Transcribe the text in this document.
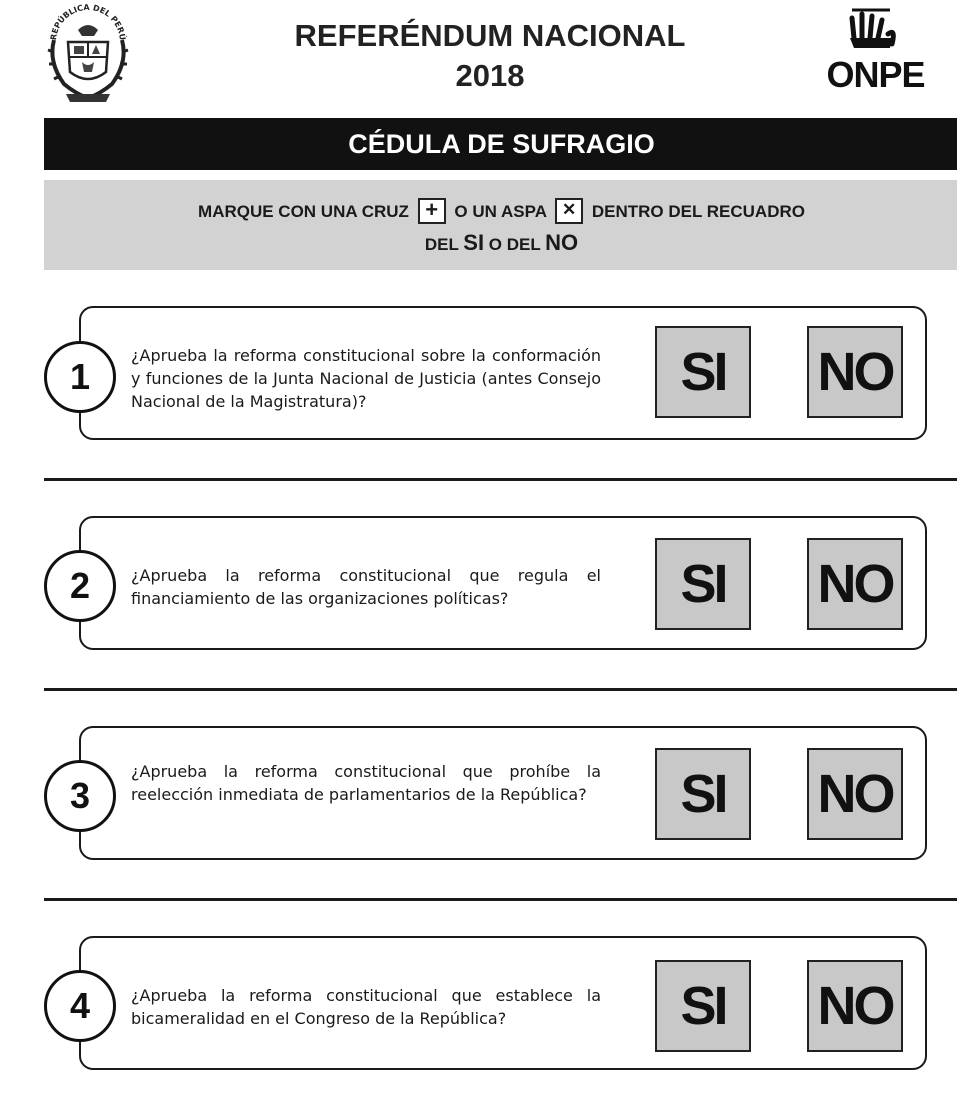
REPÚBLICA DEL PERÚ	REFERÉNDUM NACIONAL
2018	ONPE
CÉDULA DE SUFRAGIO
MARQUE CON UNA CRUZ + O UN ASPA ✕ DENTRO DEL RECUADRO
DEL SI O DEL NO
¿Aprueba la reforma constitucional sobre la conformación y funciones de la Junta Nacional de Justicia (antes Consejo Nacional de la Magistratura)?	SI	NO
1
¿Aprueba la reforma constitucional que regula el financiamiento de las organizaciones políticas?	SI	NO
2
¿Aprueba la reforma constitucional que prohíbe la reelección inmediata de parlamentarios de la República?	SI	NO
3
¿Aprueba la reforma constitucional que establece la bicameralidad en el Congreso de la República?	SI	NO
4
